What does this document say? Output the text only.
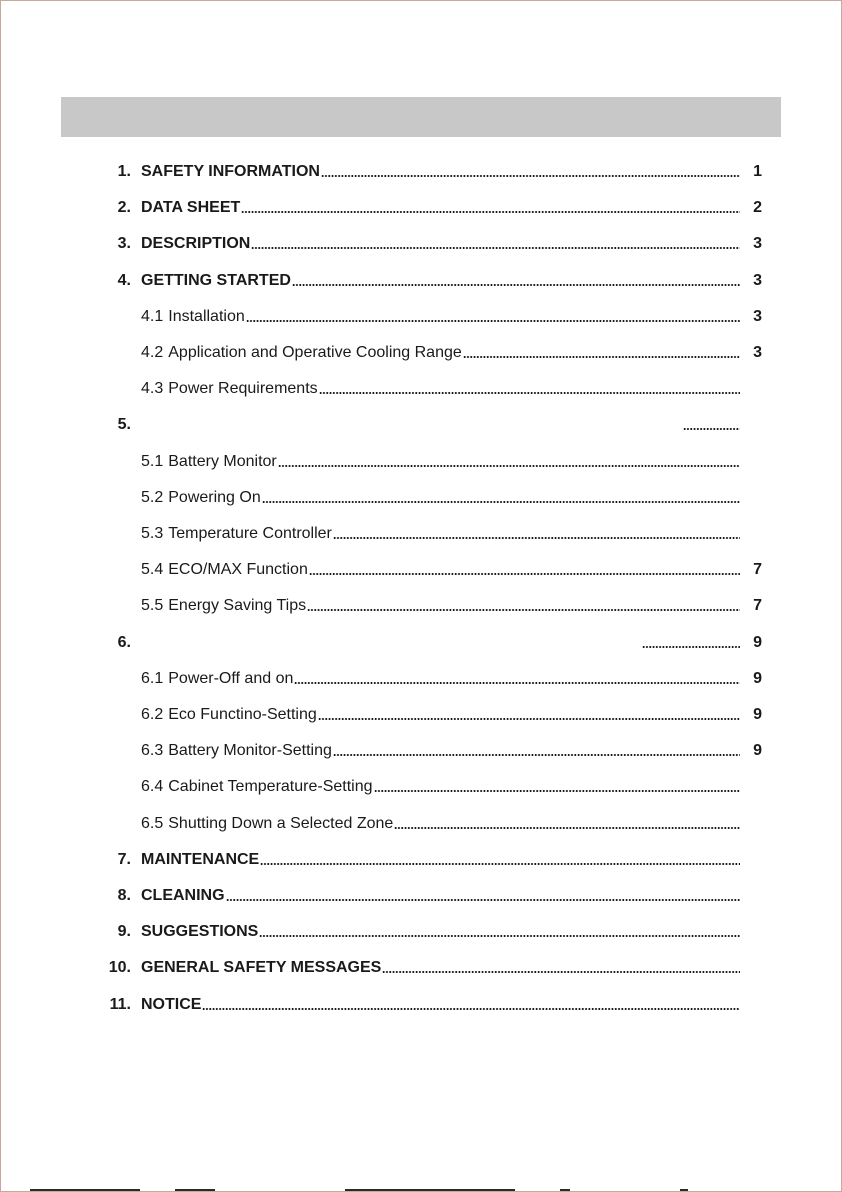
1. SAFETY INFORMATION	1
2. DATA SHEET	2
3. DESCRIPTION	3
4. GETTING STARTED	3
4.1 Installation	3
4.2 Application and Operative Cooling Range	3
4.3 Power Requirements
5.
5.1 Battery Monitor
5.2 Powering On
5.3 Temperature Controller
5.4 ECO/MAX Function	7
5.5 Energy Saving Tips	7
6.	9
6.1 Power-Off and on	9
6.2 Eco Functino-Setting	9
6.3 Battery Monitor-Setting	9
6.4 Cabinet Temperature-Setting
6.5 Shutting Down a Selected Zone
7. MAINTENANCE
8. CLEANING
9. SUGGESTIONS
10. GENERAL SAFETY MESSAGES
11. NOTICE
